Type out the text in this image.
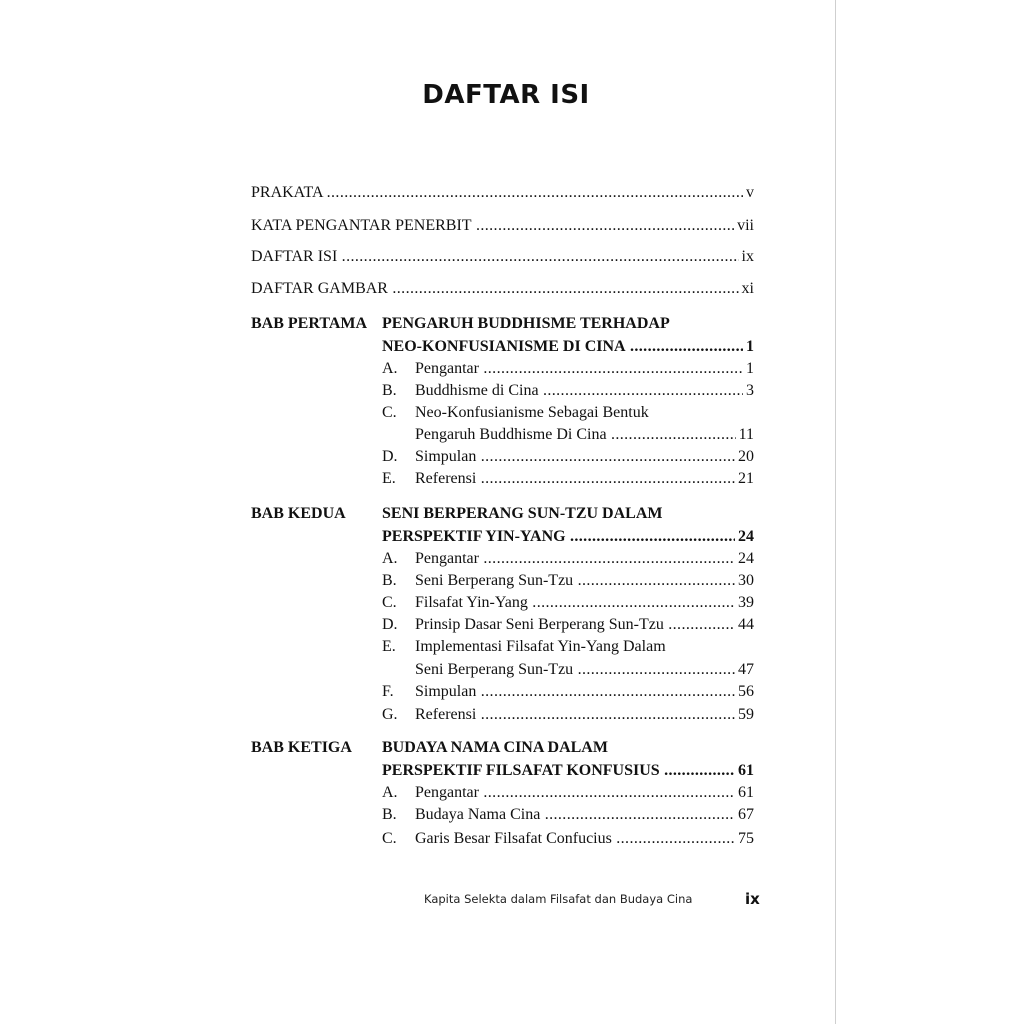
DAFTAR ISI
PRAKATA .....	v
KATA PENGANTAR PENERBIT .....	vii
DAFTAR ISI .....	ix
DAFTAR GAMBAR .....	xi
BAB PERTAMA PENGARUH BUDDHISME TERHADAP
NEO-KONFUSIANISME DI CINA .....	1
A.	Pengantar .....	1
B.	Buddhisme di Cina .....	3
C.	Neo-Konfusianisme Sebagai Bentuk
Pengaruh Buddhisme Di Cina .....	11
D.	Simpulan .....	20
E.	Referensi .....	21
BAB KEDUA SENI BERPERANG SUN-TZU DALAM
PERSPEKTIF YIN-YANG .....	24
A.	Pengantar .....	24
B.	Seni Berperang Sun-Tzu .....	30
C.	Filsafat Yin-Yang .....	39
D.	Prinsip Dasar Seni Berperang Sun-Tzu .....	44
E.	Implementasi Filsafat Yin-Yang Dalam
Seni Berperang Sun-Tzu .....	47
F.	Simpulan .....	56
G.	Referensi .....	59
BAB KETIGA BUDAYA NAMA CINA DALAM
PERSPEKTIF FILSAFAT KONFUSIUS .....	61
A.	Pengantar .....	61
B.	Budaya Nama Cina .....	67
C.	Garis Besar Filsafat Confucius .....	75
Kapita Selekta dalam Filsafat dan Budaya Cina	ix
